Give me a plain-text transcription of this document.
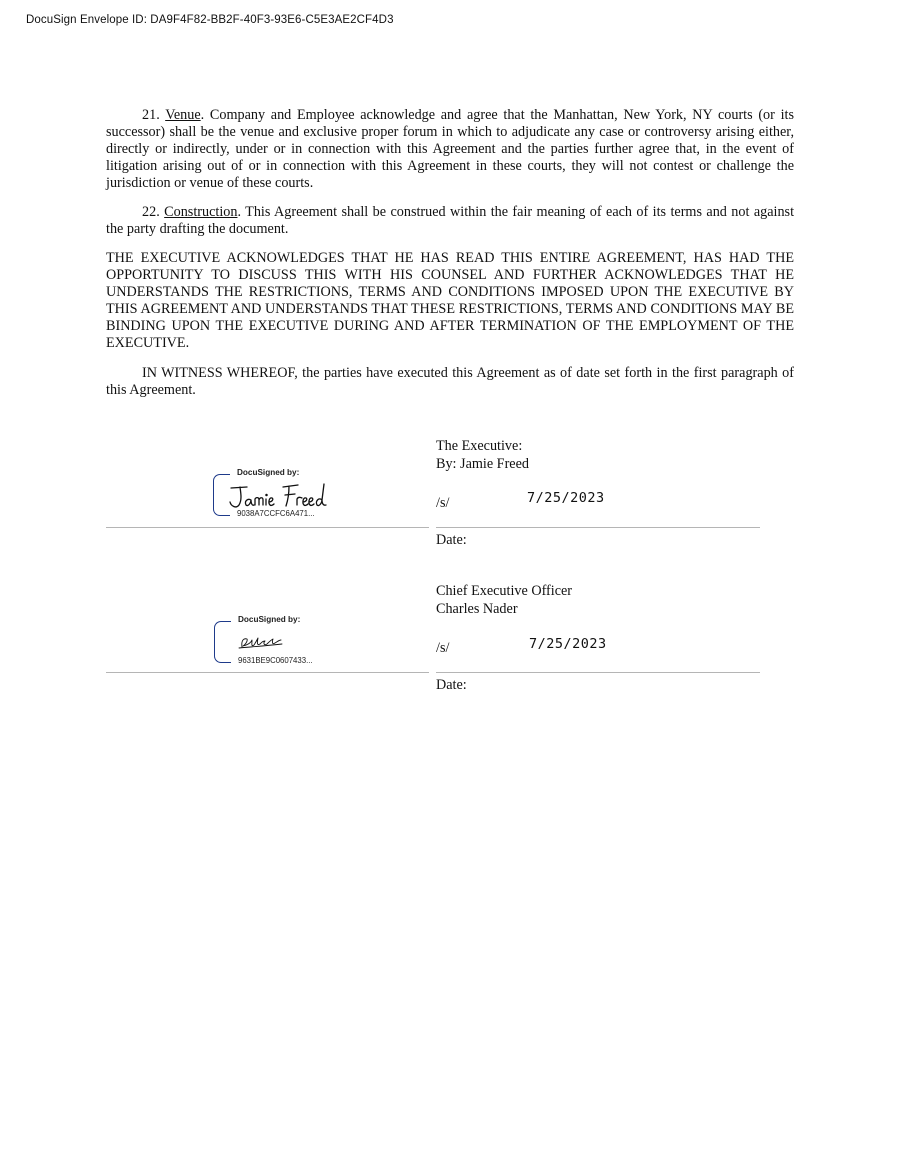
DocuSign Envelope ID: DA9F4F82-BB2F-40F3-93E6-C5E3AE2CF4D3

21. Venue. Company and Employee acknowledge and agree that the Manhattan, New York, NY courts (or its successor) shall be the venue and exclusive proper forum in which to adjudicate any case or controversy arising either, directly or indirectly, under or in connection with this Agreement and the parties further agree that, in the event of litigation arising out of or in connection with this Agreement in these courts, they will not contest or challenge the jurisdiction or venue of these courts.

22. Construction. This Agreement shall be construed within the fair meaning of each of its terms and not against the party drafting the document.

THE EXECUTIVE ACKNOWLEDGES THAT HE HAS READ THIS ENTIRE AGREEMENT, HAS HAD THE OPPORTUNITY TO DISCUSS THIS WITH HIS COUNSEL AND FURTHER ACKNOWLEDGES THAT HE UNDERSTANDS THE RESTRICTIONS, TERMS AND CONDITIONS IMPOSED UPON THE EXECUTIVE BY THIS AGREEMENT AND UNDERSTANDS THAT THESE RESTRICTIONS, TERMS AND CONDITIONS MAY BE BINDING UPON THE EXECUTIVE DURING AND AFTER TERMINATION OF THE EMPLOYMENT OF THE EXECUTIVE.

IN WITNESS WHEREOF, the parties have executed this Agreement as of date set forth in the first paragraph of this Agreement.

The Executive:
By: Jamie Freed
DocuSigned by:
9038A7CCFC6A471...
/s/	7/25/2023
Date:
Chief Executive Officer
Charles Nader
DocuSigned by:
9631BE9C0607433...
/s/	7/25/2023
Date:
